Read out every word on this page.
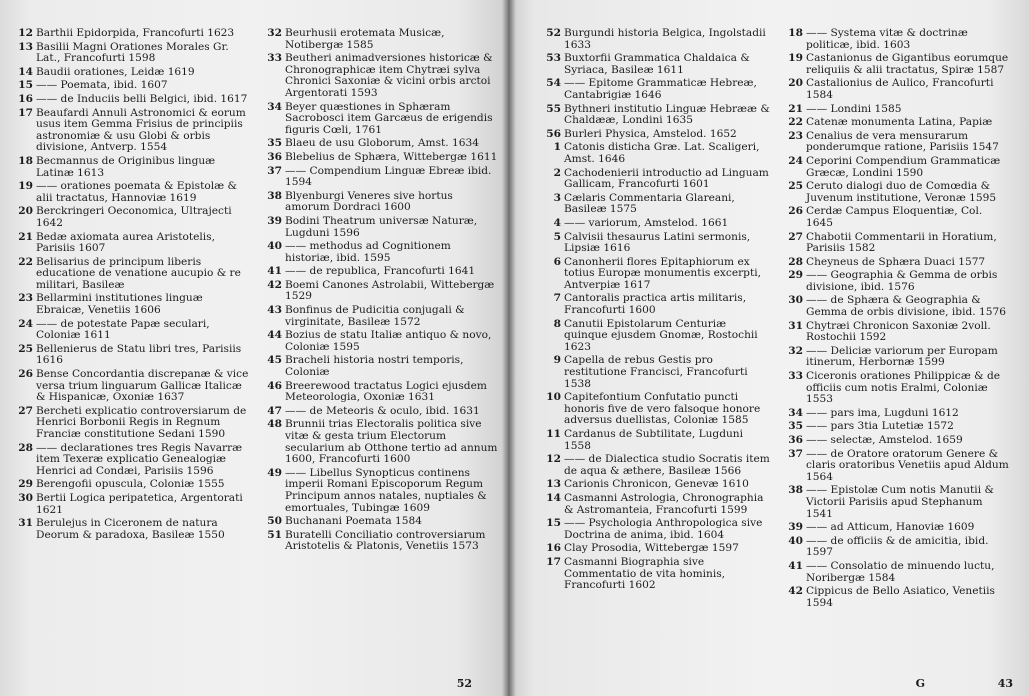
12 Barthii Epidorpida, Francofurti 1623
13 Basilii Magni Orationes Morales Gr. Lat., Francofurti 1598
14 Baudii orationes, Leidæ 1619
15 —— Poemata, ibid. 1607
16 —— de Induciis belli Belgici, ibid. 1617
17 Beaufardi Annuli Astronomici & eorum usus item Gemma Frisius de principiis astronomiæ & usu Globi & orbis divisione, Antverp. 1554
18 Becmannus de Originibus linguæ Latinæ 1613
19 —— orationes poemata & Epistolæ & alii tractatus, Hannoviæ 1619
20 Berckringeri Oeconomica, Ultrajecti 1642
21 Bedæ axiomata aurea Aristotelis, Parisiis 1607
22 Belisarius de principum liberis educatione de venatione aucupio & re militari, Basileæ
23 Bellarmini institutiones linguæ Ebraicæ, Venetiis 1606
24 —— de potestate Papæ seculari, Coloniæ 1611
25 Bellenierus de Statu libri tres, Parisiis 1616
26 Bense Concordantia discrepanæ & vice versa trium linguarum Gallicæ Italicæ & Hispanicæ, Oxoniæ 1637
27 Bercheti explicatio controversiarum de Henrici Borbonii Regis in Regnum Franciæ constitutione Sedani 1590
28 —— declarationes tres Regis Navarræ item Texeræ explicatio Genealogiæ Henrici ad Condæi, Parisiis 1596
29 Berengofii opuscula, Coloniæ 1555
30 Bertii Logica peripatetica, Argentorati 1621
31 Berulejus in Ciceronem de natura Deorum & paradoxa, Basileæ 1550
32 Beurhusii erotemata Musicæ, Notibergæ 1585
33 Beutheri animadversiones historicæ & Chronographicæ item Chytræi sylva Chronici Saxoniæ & vicini orbis arctoi Argentorati 1593
34 Beyer quæstiones in Sphæram Sacrobosci item Garcæus de erigendis figuris Cœli, 1761
35 Blaeu de usu Globorum, Amst. 1634
36 Blebelius de Sphæra, Wittebergæ 1611
37 —— Compendium Linguæ Ebreæ ibid. 1594
38 Blyenburgi Veneres sive hortus amorum Dordraci 1600
39 Bodini Theatrum universæ Naturæ, Lugduni 1596
40 —— methodus ad Cognitionem historiæ, ibid. 1595
41 —— de republica, Francofurti 1641
42 Boemi Canones Astrolabii, Wittebergæ 1529
43 Bonfinus de Pudicitia conjugali & virginitate, Basileæ 1572
44 Bozius de statu Italiæ antiquo & novo, Coloniæ 1595
45 Bracheli historia nostri temporis, Coloniæ
46 Breerewood tractatus Logici ejusdem Meteorologia, Oxoniæ 1631
47 —— de Meteoris & oculo, ibid. 1631
48 Brunnii trias Electoralis politica sive vitæ & gesta trium Electorum secularium ab Otthone tertio ad annum 1600, Francofurti 1600
49 —— Libellus Synopticus continens imperii Romani Episcoporum Regum Principum annos natales, nuptiales & emortuales, Tubingæ 1609
50 Buchanani Poemata 1584
51 Buratelli Conciliatio controversiarum Aristotelis & Platonis, Venetiis 1573
52
52 Burgundi historia Belgica, Ingolstadii 1633
53 Buxtorfii Grammatica Chaldaica & Syriaca, Basileæ 1611
54 —— Epitome Grammaticæ Hebreæ, Cantabrigiæ 1646
55 Bythneri institutio Linguæ Hebrææ & Chaldææ, Londini 1635
56 Burleri Physica, Amstelod. 1652
1 Catonis disticha Græ. Lat. Scaligeri, Amst. 1646
2 Cachodenierii introductio ad Linguam Gallicam, Francofurti 1601
3 Cælaris Commentaria Glareani, Basileæ 1575
4 —— variorum, Amstelod. 1661
5 Calvisii thesaurus Latini sermonis, Lipsiæ 1616
6 Canonherii flores Epitaphiorum ex totius Europæ monumentis excerpti, Antverpiæ 1617
7 Cantoralis practica artis militaris, Francofurti 1600
8 Canutii Epistolarum Centuriæ quinque ejusdem Gnomæ, Rostochii 1623
9 Capella de rebus Gestis pro restitutione Francisci, Francofurti 1538
10 Capitefontium Confutatio puncti honoris five de vero falsoque honore adversus duellistas, Coloniæ 1585
11 Cardanus de Subtilitate, Lugduni 1558
12 —— de Dialectica studio Socratis item de aqua & æthere, Basileæ 1566
13 Carionis Chronicon, Genevæ 1610
14 Casmanni Astrologia, Chronographia & Astromanteia, Francofurti 1599
15 —— Psychologia Anthropologica sive Doctrina de anima, ibid. 1604
16 Clay Prosodia, Wittebergæ 1597
17 Casmanni Biographia sive Commentatio de vita hominis, Francofurti 1602
18 —— Systema vitæ & doctrinæ politicæ, ibid. 1603
19 Castanionus de Gigantibus eorumque reliquiis & alii tractatus, Spiræ 1587
20 Castalionius de Aulico, Francofurti 1584
21 —— Londini 1585
22 Catenæ monumenta Latina, Papiæ
23 Cenalius de vera mensurarum ponderumque ratione, Parisiis 1547
24 Ceporini Compendium Grammaticæ Græcæ, Londini 1590
25 Ceruto dialogi duo de Comœdia & Juvenum institutione, Veronæ 1595
26 Cerdæ Campus Eloquentiæ, Col. 1645
27 Chabotii Commentarii in Horatium, Parisiis 1582
28 Cheyneus de Sphæra Duaci 1577
29 —— Geographia & Gemma de orbis divisione, ibid. 1576
30 —— de Sphæra & Geographia & Gemma de orbis divisione, ibid. 1576
31 Chytræi Chronicon Saxoniæ 2voll. Rostochii 1592
32 —— Deliciæ variorum per Europam itinerum, Herbornæ 1599
33 Ciceronis orationes Philippicæ & de officiis cum notis Eralmi, Coloniæ 1553
34 —— pars ima, Lugduni 1612
35 —— pars 3tia Lutetiæ 1572
36 —— selectæ, Amstelod. 1659
37 —— de Oratore oratorum Genere & claris oratoribus Venetiis apud Aldum 1564
38 —— Epistolæ Cum notis Manutii & Victorii Parisiis apud Stephanum 1541
39 —— ad Atticum, Hanoviæ 1609
40 —— de officiis & de amicitia, ibid. 1597
41 —— Consolatio de minuendo luctu, Noribergæ 1584
42 Cippicus de Bello Asiatico, Venetiis 1594
G	43
